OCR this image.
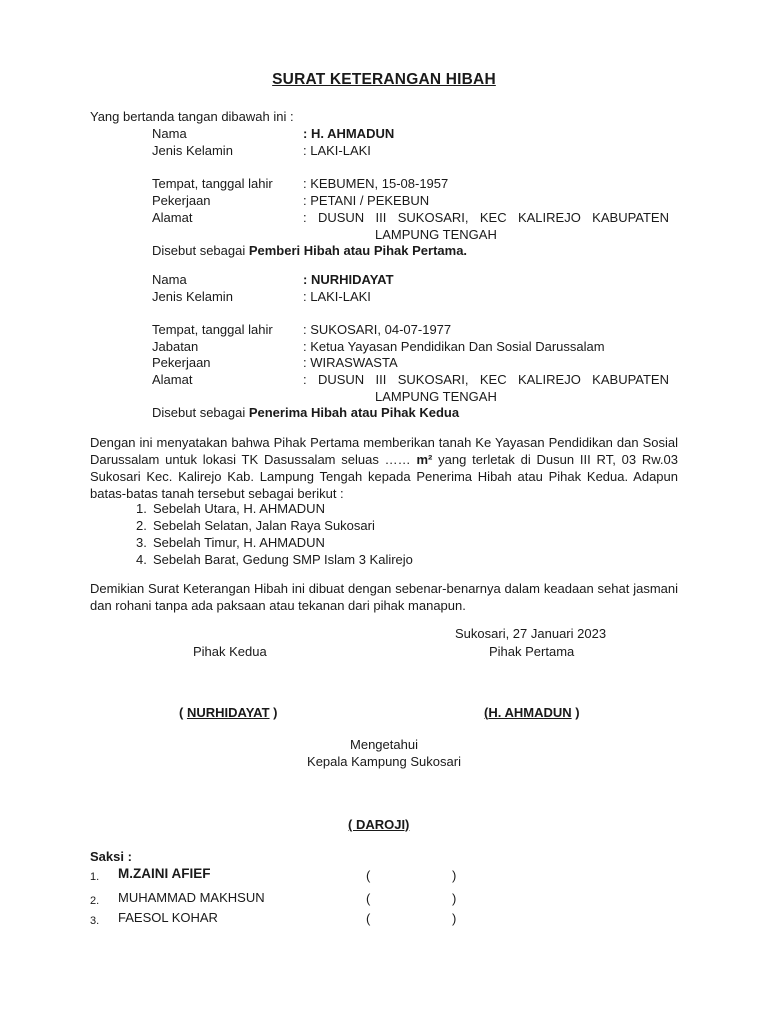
SURAT KETERANGAN HIBAH
Yang bertanda tangan dibawah ini :
Nama	: H. AHMADUN
Jenis Kelamin	: LAKI-LAKI
Tempat, tanggal lahir : KEBUMEN, 15-08-1957
Pekerjaan	: PETANI / PEKEBUN
Alamat	: DUSUN III SUKOSARI, KEC KALIREJO KABUPATEN
LAMPUNG TENGAH
Disebut sebagai Pemberi Hibah atau Pihak Pertama.
Nama	: NURHIDAYAT
Jenis Kelamin	: LAKI-LAKI
Tempat, tanggal lahir : SUKOSARI, 04-07-1977
Jabatan	: Ketua Yayasan Pendidikan Dan Sosial Darussalam
Pekerjaan	: WIRASWASTA
Alamat	: DUSUN III SUKOSARI, KEC KALIREJO KABUPATEN
LAMPUNG TENGAH
Disebut sebagai Penerima Hibah atau Pihak Kedua
Dengan ini menyatakan bahwa Pihak Pertama memberikan tanah Ke Yayasan Pendidikan dan Sosial Darussalam untuk lokasi TK Dasussalam seluas …… m² yang terletak di Dusun III RT, 03 Rw.03 Sukosari Kec. Kalirejo Kab. Lampung Tengah kepada Penerima Hibah atau Pihak Kedua. Adapun batas-batas tanah tersebut sebagai berikut :
1. Sebelah Utara, H. AHMADUN
2. Sebelah Selatan, Jalan Raya Sukosari
3. Sebelah Timur, H. AHMADUN
4. Sebelah Barat, Gedung SMP Islam 3 Kalirejo
Demikian Surat Keterangan Hibah ini dibuat dengan sebenar-benarnya dalam keadaan sehat jasmani dan rohani tanpa ada paksaan atau tekanan dari pihak manapun.
Sukosari, 27 Januari 2023
Pihak Kedua	Pihak Pertama
( NURHIDAYAT )	(H. AHMADUN )
Mengetahui
Kepala Kampung Sukosari
( DAROJI)
Saksi :
1. M.ZAINI AFIEF	(	)
2. MUHAMMAD MAKHSUN	(	)
3. FAESOL KOHAR	(	)
